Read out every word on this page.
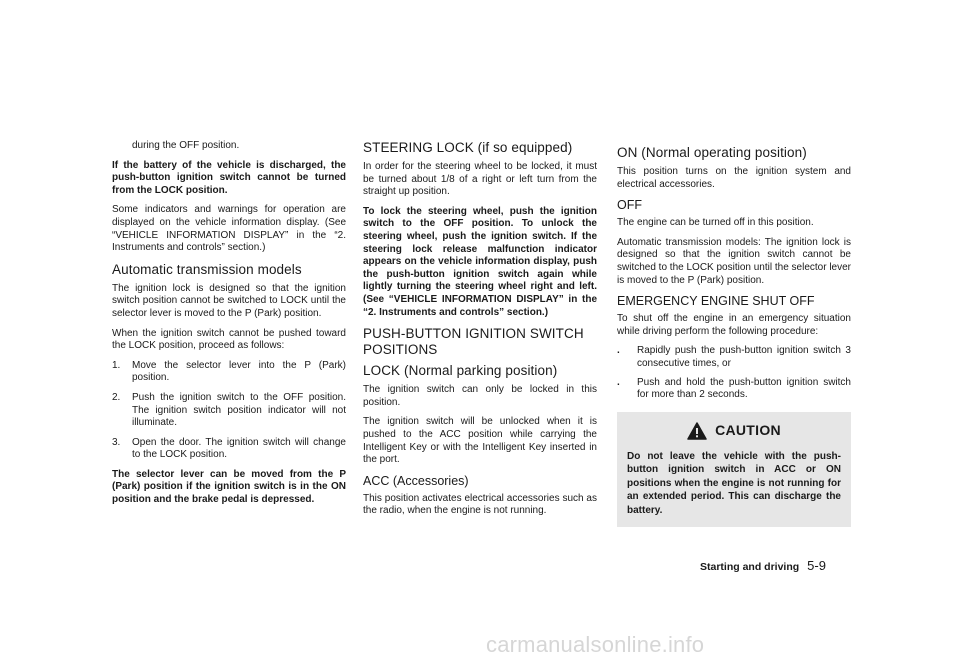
during the OFF position.
If the battery of the vehicle is discharged, the push-button ignition switch cannot be turned from the LOCK position.
Some indicators and warnings for operation are displayed on the vehicle information display. (See “VEHICLE INFORMATION DISPLAY” in the “2. Instruments and controls” section.)
Automatic transmission models
The ignition lock is designed so that the ignition switch position cannot be switched to LOCK until the selector lever is moved to the P (Park) position.
When the ignition switch cannot be pushed toward the LOCK position, proceed as follows:
1.	Move the selector lever into the P (Park) position.
2.	Push the ignition switch to the OFF position. The ignition switch position indicator will not illuminate.
3.	Open the door. The ignition switch will change to the LOCK position.
The selector lever can be moved from the P (Park) position if the ignition switch is in the ON position and the brake pedal is depressed.
STEERING LOCK (if so equipped)
In order for the steering wheel to be locked, it must be turned about 1/8 of a right or left turn from the straight up position.
To lock the steering wheel, push the ignition switch to the OFF position. To unlock the steering wheel, push the ignition switch. If the steering lock release malfunction indicator appears on the vehicle information display, push the push-button ignition switch again while lightly turning the steering wheel right and left. (See “VEHICLE INFORMATION DISPLAY” in the “2. Instruments and controls” section.)
PUSH-BUTTON IGNITION SWITCH POSITIONS
LOCK (Normal parking position)
The ignition switch can only be locked in this position.
The ignition switch will be unlocked when it is pushed to the ACC position while carrying the Intelligent Key or with the Intelligent Key inserted in the port.
ACC (Accessories)
This position activates electrical accessories such as the radio, when the engine is not running.
ON (Normal operating position)
This position turns on the ignition system and electrical accessories.
OFF
The engine can be turned off in this position.
Automatic transmission models: The ignition lock is designed so that the ignition switch cannot be switched to the LOCK position until the selector lever is moved to the P (Park) position.
EMERGENCY ENGINE SHUT OFF
To shut off the engine in an emergency situation while driving perform the following procedure:
.	Rapidly push the push-button ignition switch 3 consecutive times, or
.	Push and hold the push-button ignition switch for more than 2 seconds.
CAUTION
Do not leave the vehicle with the push-button ignition switch in ACC or ON positions when the engine is not running for an extended period. This can discharge the battery.
Starting and driving 5-9
carmanualsonline.info
